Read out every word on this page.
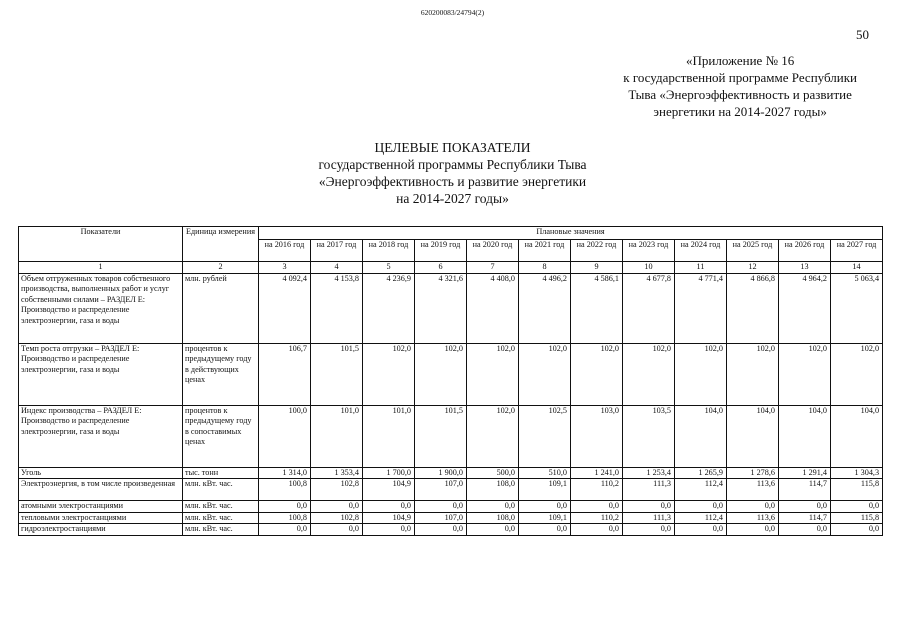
620200083/24794(2)
50
«Приложение № 16
к государственной программе Республики
Тыва «Энергоэффективность и развитие
энергетики на 2014-2027 годы»
ЦЕЛЕВЫЕ ПОКАЗАТЕЛИ
государственной программы Республики Тыва
«Энергоэффективность и развитие энергетики
на 2014-2027 годы»
Показатели	Единица измерения	Плановые значения											
		на 2016 год	на 2017 год	на 2018 год	на 2019 год	на 2020 год	на 2021 год	на 2022 год	на 2023 год	на 2024 год	на 2025 год	на 2026 год	на 2027 год
1	2	3	4	5	6	7	8	9	10	11	12	13	14
Объем отгруженных товаров собственного производства, выполненных работ и услуг собственными силами – РАЗДЕЛ Е: Производство и распределение электроэнергии, газа и воды	млн. рублей	4 092,4	4 153,8	4 236,9	4 321,6	4 408,0	4 496,2	4 586,1	4 677,8	4 771,4	4 866,8	4 964,2	5 063,4
Темп роста отгрузки – РАЗДЕЛ Е: Производство и распределение электроэнергии, газа и воды	процентов к предыдущему году в действующих ценах	106,7	101,5	102,0	102,0	102,0	102,0	102,0	102,0	102,0	102,0	102,0	102,0
Индекс производства – РАЗДЕЛ Е: Производство и распределение электроэнергии, газа и воды	процентов к предыдущему году в сопоставимых ценах	100,0	101,0	101,0	101,5	102,0	102,5	103,0	103,5	104,0	104,0	104,0	104,0
Уголь	тыс. тонн	1 314,0	1 353,4	1 700,0	1 900,0	500,0	510,0	1 241,0	1 253,4	1 265,9	1 278,6	1 291,4	1 304,3
Электроэнергия, в том числе произведенная	млн. кВт. час.	100,8	102,8	104,9	107,0	108,0	109,1	110,2	111,3	112,4	113,6	114,7	115,8
атомными электростанциями	млн. кВт. час.	0,0	0,0	0,0	0,0	0,0	0,0	0,0	0,0	0,0	0,0	0,0	0,0
тепловыми электростанциями	млн. кВт. час.	100,8	102,8	104,9	107,0	108,0	109,1	110,2	111,3	112,4	113,6	114,7	115,8
гидроэлектростанциями	млн. кВт. час.	0,0	0,0	0,0	0,0	0,0	0,0	0,0	0,0	0,0	0,0	0,0	0,0
